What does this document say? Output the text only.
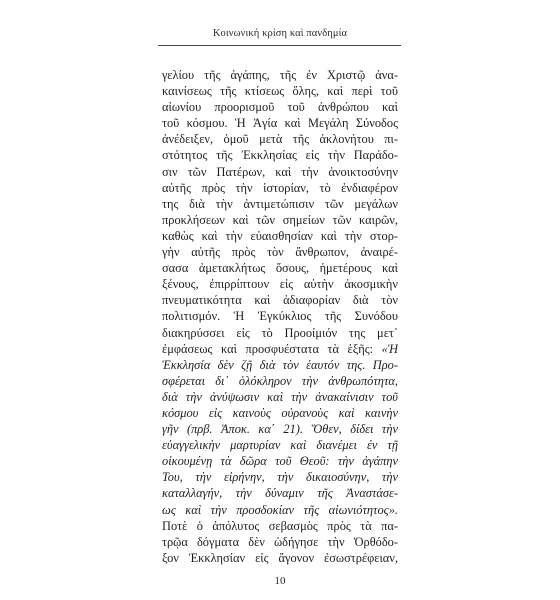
Κοινωνική κρίση καὶ πανδημία
γελίου τῆς ἀγάπης, τῆς ἐν Χριστῷ ἀνα-
καινίσεως τῆς κτίσεως ὅλης, καὶ περὶ τοῦ
αἰωνίου προορισμοῦ τοῦ ἀνθρώπου καὶ
τοῦ κόσμου. Ἡ Ἁγία καὶ Μεγάλη Σύνοδος
ἀνέδειξεν, ὁμοῦ μετὰ τῆς ἀκλονήτου πι-
στότητος τῆς Ἐκκλησίας εἰς τὴν Παράδο-
σιν τῶν Πατέρων, καὶ τὴν ἀνοικτοσύνην
αὐτῆς πρὸς τὴν ἱστορίαν, τὸ ἐνδιαφέρον
της διὰ τὴν ἀντιμετώπισιν τῶν μεγάλων
προκλήσεων καὶ τῶν σημείων τῶν καιρῶν,
καθὼς καὶ τὴν εὐαισθησίαν καὶ τὴν στορ-
γὴν αὐτῆς πρὸς τὸν ἄνθρωπον, ἀναιρέ-
σασα ἀμετακλήτως ὅσους, ἡμετέρους καὶ
ξένους, ἐπιρρίπτουν εἰς αὐτὴν ἀκοσμικὴν
πνευματικότητα καὶ ἀδιαφορίαν διὰ τὸν
πολιτισμόν. Ἡ Ἐγκύκλιος τῆς Συνόδου
διακηρύσσει εἰς τὸ Προοίμιόν της μετ᾿
ἐμφάσεως καὶ προσφυέστατα τὰ ἑξῆς: «Ἡ
Ἐκκλησία δὲν ζῇ διὰ τὸν ἑαυτόν της. Προ-
σφέρεται δι᾿ ὁλόκληρον τὴν ἀνθρωπότητα,
διὰ τὴν ἀνύψωσιν καὶ τὴν ἀνακαίνισιν τοῦ
κόσμου εἰς καινοὺς οὐρανοὺς καὶ καινὴν
γῆν (πρβ. Ἀποκ. κα΄ 21). Ὅθεν, δίδει τὴν
εὐαγγελικὴν μαρτυρίαν καὶ διανέμει ἐν τῇ
οἰκουμένῃ τὰ δῶρα τοῦ Θεοῦ: τὴν ἀγάπην
Του, τὴν εἰρήνην, τὴν δικαιοσύνην, τὴν
καταλλαγήν, τὴν δύναμιν τῆς Ἀναστάσε-
ως καὶ τὴν προσδοκίαν τῆς αἰωνιότητος».
Ποτὲ ὁ ἀπόλυτος σεβασμὸς πρὸς τὰ πα-
τρῷα δόγματα δὲν ὡδήγησε τὴν Ὀρθόδο-
ξον Ἐκκλησίαν εἰς ἄγονον ἐσωστρέφειαν,
10
